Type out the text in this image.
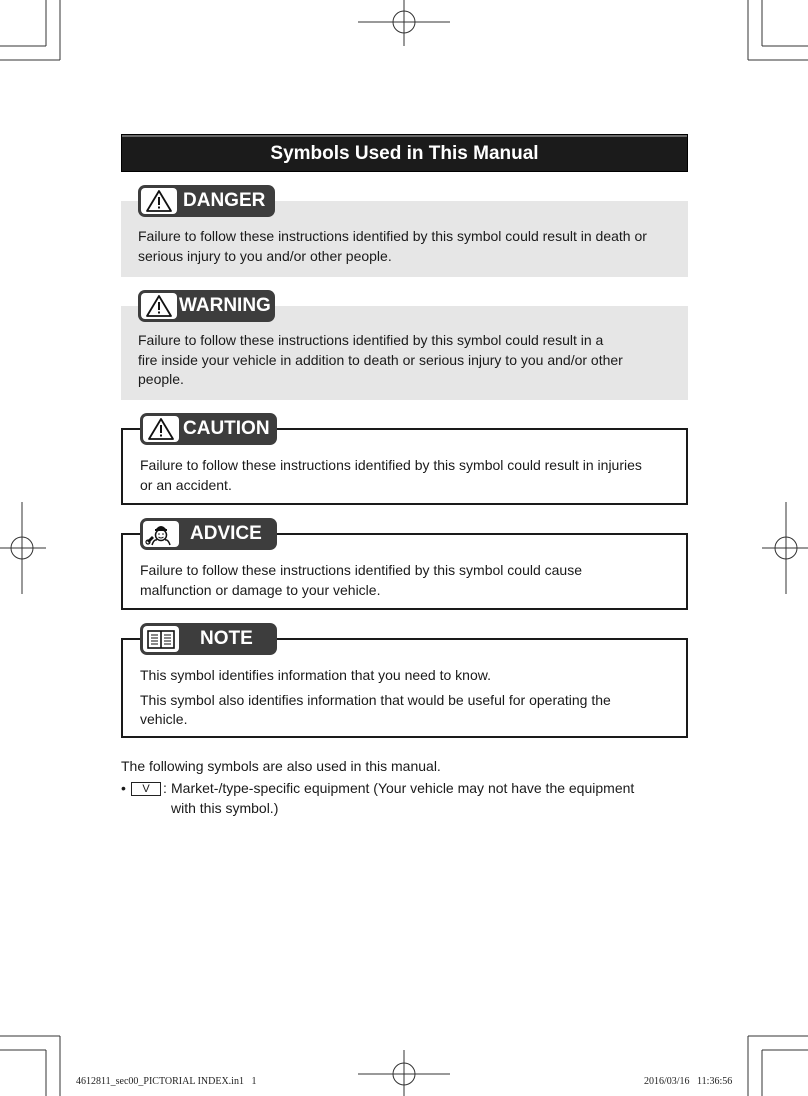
Symbols Used in This Manual

Failure to follow these instructions identified by this symbol could result in death or

serious injury to you and/or other people.

DANGER

Failure to follow these instructions identified by this symbol could result in a

fire inside your vehicle in addition to death or serious injury to you and/or other

people.

WARNING

Failure to follow these instructions identified by this symbol could result in injuries

or an accident.

CAUTION

Failure to follow these instructions identified by this symbol could cause

malfunction or damage to your vehicle.

ADVICE

This symbol identifies information that you need to know.

This symbol also identifies information that would be useful for operating the

vehicle.

NOTE

The following symbols are also used in this manual.

•	V : Market-/type-specific equipment (Your vehicle may not have the equipment
with this symbol.)
4612811_sec00_PICTORIAL INDEX.in1   1	2016/03/16   11:36:56
